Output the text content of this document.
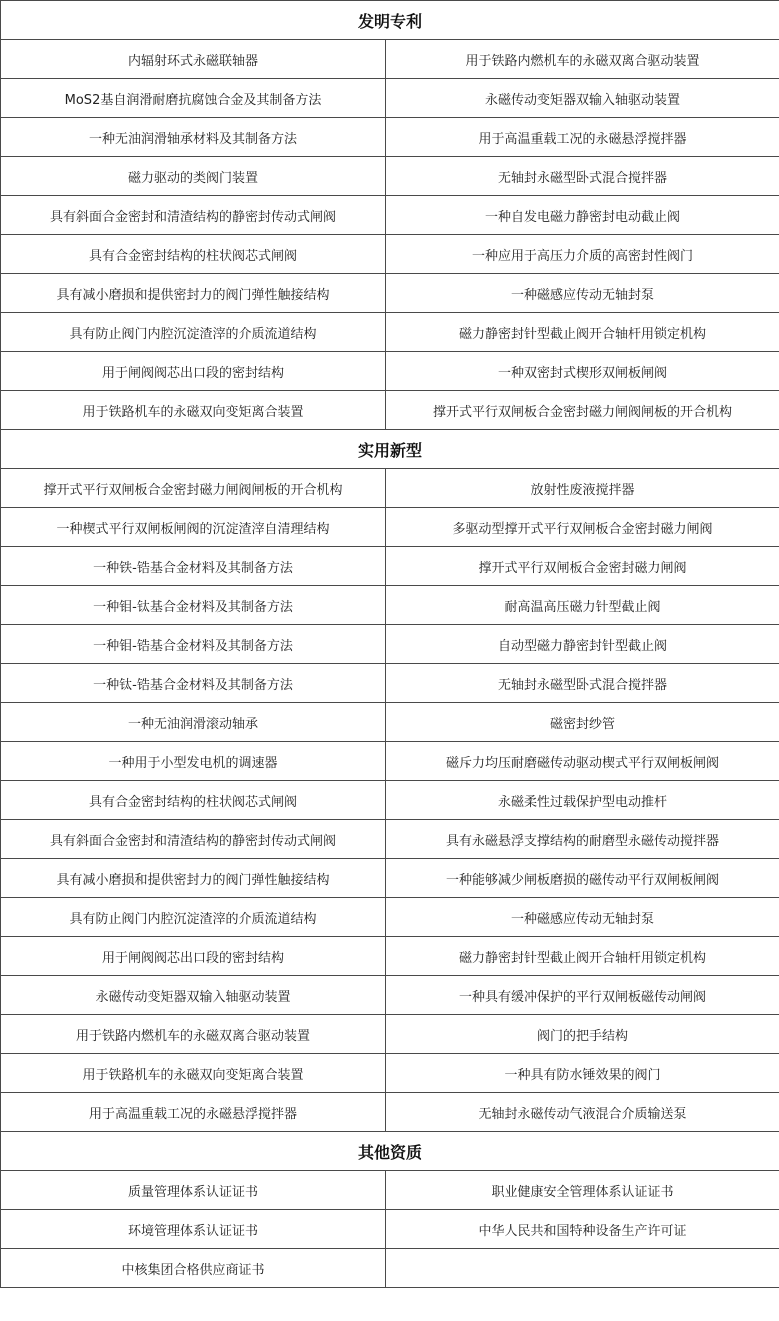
发明专利	
内辐射环式永磁联轴器	用于铁路内燃机车的永磁双离合驱动装置
MoS2基自润滑耐磨抗腐蚀合金及其制备方法	永磁传动变矩器双输入轴驱动装置
一种无油润滑轴承材料及其制备方法	用于高温重载工况的永磁悬浮搅拌器
磁力驱动的类阀门装置	无轴封永磁型卧式混合搅拌器
具有斜面合金密封和清渣结构的静密封传动式闸阀	一种自发电磁力静密封电动截止阀
具有合金密封结构的柱状阀芯式闸阀	一种应用于高压力介质的高密封性阀门
具有减小磨损和提供密封力的阀门弹性触接结构	一种磁感应传动无轴封泵
具有防止阀门内腔沉淀渣滓的介质流道结构	磁力静密封针型截止阀开合轴杆用锁定机构
用于闸阀阀芯出口段的密封结构	一种双密封式楔形双闸板闸阀
用于铁路机车的永磁双向变矩离合装置	撑开式平行双闸板合金密封磁力闸阀闸板的开合机构
实用新型	
撑开式平行双闸板合金密封磁力闸阀闸板的开合机构	放射性废液搅拌器
一种楔式平行双闸板闸阀的沉淀渣滓自清理结构	多驱动型撑开式平行双闸板合金密封磁力闸阀
一种铁-锆基合金材料及其制备方法	撑开式平行双闸板合金密封磁力闸阀
一种钼-钛基合金材料及其制备方法	耐高温高压磁力针型截止阀
一种钼-锆基合金材料及其制备方法	自动型磁力静密封针型截止阀
一种钛-锆基合金材料及其制备方法	无轴封永磁型卧式混合搅拌器
一种无油润滑滚动轴承	磁密封纱管
一种用于小型发电机的调速器	磁斥力均压耐磨磁传动驱动楔式平行双闸板闸阀
具有合金密封结构的柱状阀芯式闸阀	永磁柔性过载保护型电动推杆
具有斜面合金密封和清渣结构的静密封传动式闸阀	具有永磁悬浮支撑结构的耐磨型永磁传动搅拌器
具有减小磨损和提供密封力的阀门弹性触接结构	一种能够减少闸板磨损的磁传动平行双闸板闸阀
具有防止阀门内腔沉淀渣滓的介质流道结构	一种磁感应传动无轴封泵
用于闸阀阀芯出口段的密封结构	磁力静密封针型截止阀开合轴杆用锁定机构
永磁传动变矩器双输入轴驱动装置	一种具有缓冲保护的平行双闸板磁传动闸阀
用于铁路内燃机车的永磁双离合驱动装置	阀门的把手结构
用于铁路机车的永磁双向变矩离合装置	一种具有防水锤效果的阀门
用于高温重载工况的永磁悬浮搅拌器	无轴封永磁传动气液混合介质输送泵
其他资质	
质量管理体系认证证书	职业健康安全管理体系认证证书
环境管理体系认证证书	中华人民共和国特种设备生产许可证
中核集团合格供应商证书	
